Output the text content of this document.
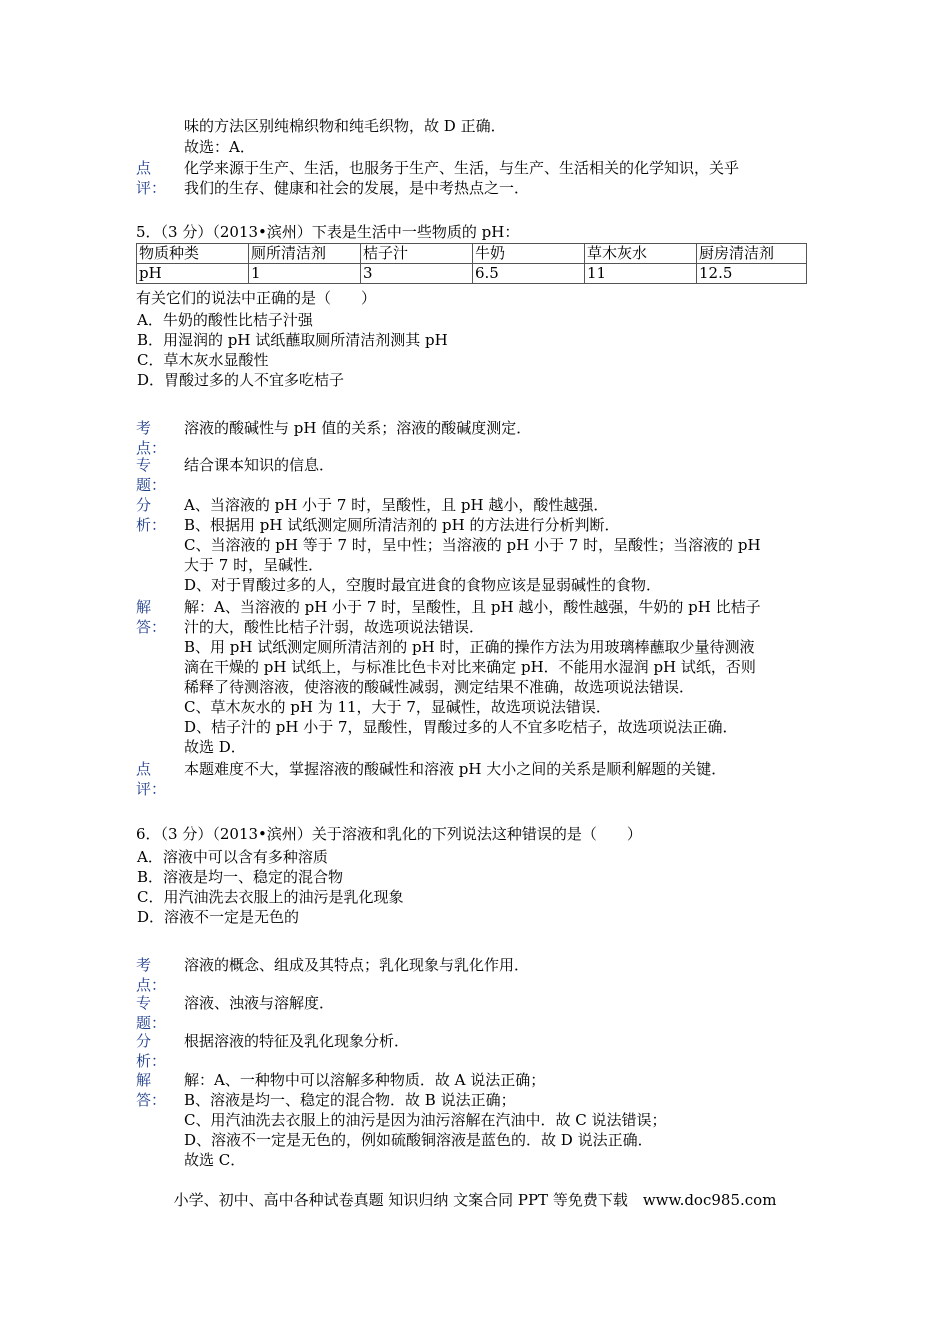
味的方法区别纯棉织物和纯毛织物，故 D 正确．
故选：A．
点
评：
化学来源于生产、生活，也服务于生产、生活，与生产、生活相关的化学知识，关乎
我们的生存、健康和社会的发展，是中考热点之一．
5．（3 分）（2013•滨州）下表是生活中一些物质的 pH：
物质种类	厕所清洁剂	桔子汁	牛奶	草木灰水	厨房清洁剂
pH	1	3	6.5	11	12.5
有关它们的说法中正确的是（　　）
A．牛奶的酸性比桔子汁强
B．用湿润的 pH 试纸蘸取厕所清洁剂测其 pH
C．草木灰水显酸性
D．胃酸过多的人不宜多吃桔子
考
点：
溶液的酸碱性与 pH 值的关系；溶液的酸碱度测定．
专
题：
结合课本知识的信息．
分
析：
A、当溶液的 pH 小于 7 时，呈酸性，且 pH 越小，酸性越强．
B、根据用 pH 试纸测定厕所清洁剂的 pH 的方法进行分析判断．
C、当溶液的 pH 等于 7 时，呈中性；当溶液的 pH 小于 7 时，呈酸性；当溶液的 pH
大于 7 时，呈碱性．
D、对于胃酸过多的人，空腹时最宜进食的食物应该是显弱碱性的食物．
解
答：
解：A、当溶液的 pH 小于 7 时，呈酸性，且 pH 越小，酸性越强，牛奶的 pH 比桔子
汁的大，酸性比桔子汁弱，故选项说法错误．
B、用 pH 试纸测定厕所清洁剂的 pH 时，正确的操作方法为用玻璃棒蘸取少量待测液
滴在干燥的 pH 试纸上，与标准比色卡对比来确定 pH．不能用水湿润 pH 试纸，否则
稀释了待测溶液，使溶液的酸碱性减弱，测定结果不准确，故选项说法错误．
C、草木灰水的 pH 为 11，大于 7，显碱性，故选项说法错误．
D、桔子汁的 pH 小于 7，显酸性，胃酸过多的人不宜多吃桔子，故选项说法正确．
故选 D．
点
评：
本题难度不大，掌握溶液的酸碱性和溶液 pH 大小之间的关系是顺利解题的关键．
6．（3 分）（2013•滨州）关于溶液和乳化的下列说法这种错误的是（　　）
A．溶液中可以含有多种溶质
B．溶液是均一、稳定的混合物
C．用汽油洗去衣服上的油污是乳化现象
D．溶液不一定是无色的
考
点：
溶液的概念、组成及其特点；乳化现象与乳化作用．
专
题：
溶液、浊液与溶解度．
分
析：
根据溶液的特征及乳化现象分析．
解
答：
解：A、一种物中可以溶解多种物质．故 A 说法正确；
B、溶液是均一、稳定的混合物．故 B 说法正确；
C、用汽油洗去衣服上的油污是因为油污溶解在汽油中．故 C 说法错误；
D、溶液不一定是无色的，例如硫酸铜溶液是蓝色的．故 D 说法正确．
故选 C．
小学、初中、高中各种试卷真题 知识归纳 文案合同 PPT 等免费下载　www.doc985.com
